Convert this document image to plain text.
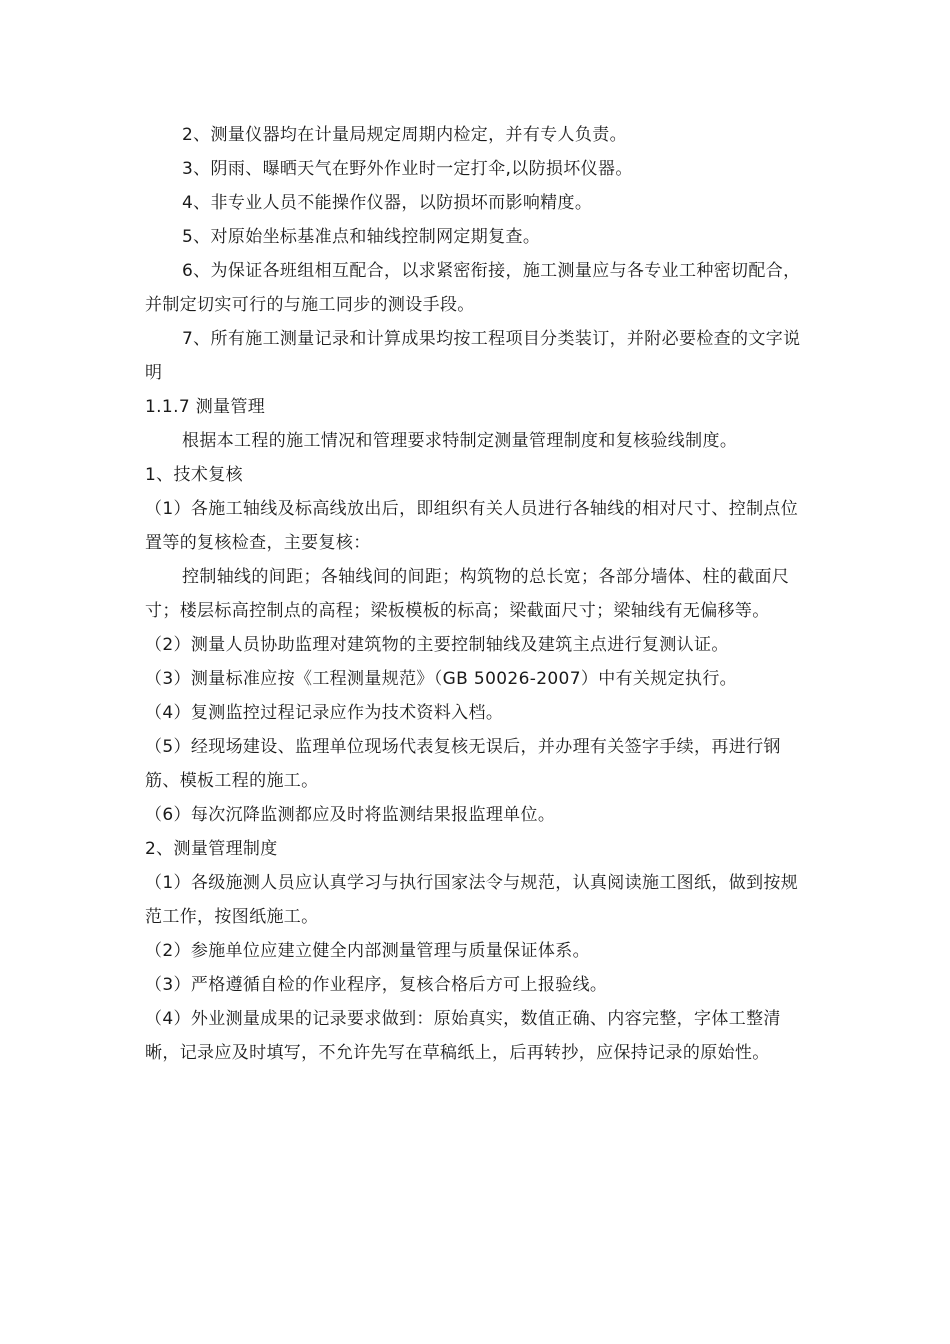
2、测量仪器均在计量局规定周期内检定，并有专人负责。

3、阴雨、曝晒天气在野外作业时一定打伞,以防损坏仪器。

4、非专业人员不能操作仪器，以防损坏而影响精度。

5、对原始坐标基准点和轴线控制网定期复查。

6、为保证各班组相互配合，以求紧密衔接，施工测量应与各专业工种密切配合，并制定切实可行的与施工同步的测设手段。

7、所有施工测量记录和计算成果均按工程项目分类装订，并附必要检查的文字说明

1.1.7 测量管理

根据本工程的施工情况和管理要求特制定测量管理制度和复核验线制度。

1、技术复核

（1）各施工轴线及标高线放出后，即组织有关人员进行各轴线的相对尺寸、控制点位置等的复核检查，主要复核：

控制轴线的间距；各轴线间的间距；构筑物的总长宽；各部分墙体、柱的截面尺寸；楼层标高控制点的高程；梁板模板的标高；梁截面尺寸；梁轴线有无偏移等。

（2）测量人员协助监理对建筑物的主要控制轴线及建筑主点进行复测认证。

（3）测量标准应按《工程测量规范》（GB 50026-2007）中有关规定执行。

（4）复测监控过程记录应作为技术资料入档。

（5）经现场建设、监理单位现场代表复核无误后，并办理有关签字手续，再进行钢筋、模板工程的施工。

（6）每次沉降监测都应及时将监测结果报监理单位。

2、测量管理制度

（1）各级施测人员应认真学习与执行国家法令与规范，认真阅读施工图纸，做到按规范工作，按图纸施工。

（2）参施单位应建立健全内部测量管理与质量保证体系。

（3）严格遵循自检的作业程序，复核合格后方可上报验线。

（4）外业测量成果的记录要求做到：原始真实，数值正确、内容完整，字体工整清晰，记录应及时填写，不允许先写在草稿纸上，后再转抄，应保持记录的原始性。
